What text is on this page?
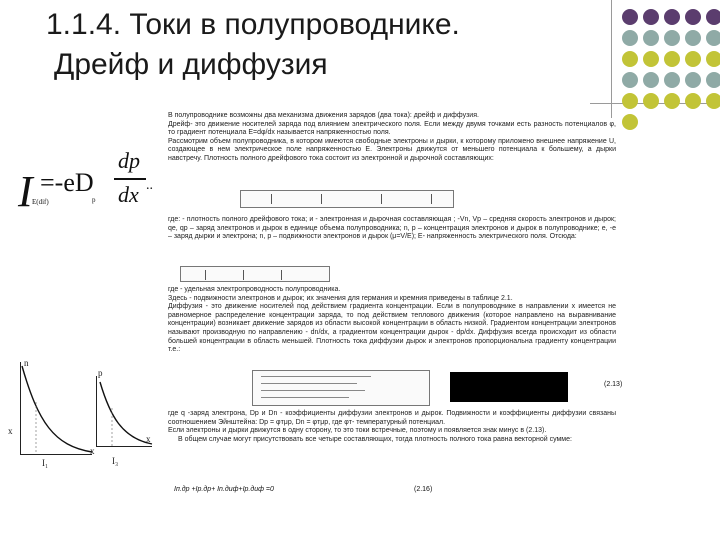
1.1.4. Токи в полупроводнике.
Дрейф и диффузия
I =-eD
Е(dif)	р
dp
dx ..

В полупроводнике возможны два механизма движения зарядов (два тока): дрейф и диффузия.

Дрейф- это движение носителей заряда под влиянием электрического поля. Если между двумя точками есть разность потенциалов φ, то градиент потенциала E=dφ/dx называется напряженностью поля.

Рассмотрим объем полупроводника, в котором имеются свободные электроны и дырки, к которому приложено внешнее напряжение U, создающее в нем электрическое поле напряженностью E. Электроны движутся от меньшего потенциала к большему, а дырки навстречу. Плотность полного дрейфового тока состоит из электронной и дырочной составляющих:

где: - плотность полного дрейфового тока; и - электронная и дырочная составляющая ; -Vn, Vp – средняя скорость электронов и дырок; qe, qp – заряд электронов и дырок в единице объема полупроводника; n, p – концентрация электронов и дырок в полупроводнике; e, -e – заряд дырки и электрона; n, p – подвижности электронов и дырок (μ=V/E); E- напряженность электрического поля. Отсюда:

где - удельная электропроводность полупроводника.

Здесь - подвижности электронов и дырок; их значения для германия и кремния приведены в таблице 2.1.

Диффузия - это движение носителей под действием градиента концентрации. Если в полупроводнике в направлении x имеется не равномерное распределение концентрации заряда, то под действием теплового движения (которое направлено на выравнивание концентрации) возникает движение зарядов из области высокой концентрации в область низкой. Градиентом концентрации электронов называют производную по направлению - dn/dx, а градиентом концентрации дырок - dp/dx. Диффузия всегда происходит из области большей концентрации в область меньшей. Плотность тока диффузии дырок и электронов пропорциональна градиенту концентрации т.е.:

(2.13)

где q -заряд электрона, Dp и Dn - коэффициенты диффузии электронов и дырок. Подвижности и коэффициенты диффузии связаны соотношением Эйнштейна: Dp = φтμp, Dn = φтμр, где φт- температурный потенциал.

Если электроны и дырки движутся в одну сторону, то это токи встречные, поэтому и появляется знак минус в (2.13).

В общем случае могут присутствовать все четыре составляющих, тогда плотность полного тока равна векторной сумме:

Iп.др +Ip.др+ In.диф+Ip.диф =0	(2.16)
n
x
x
I₁
p
x
I₃
